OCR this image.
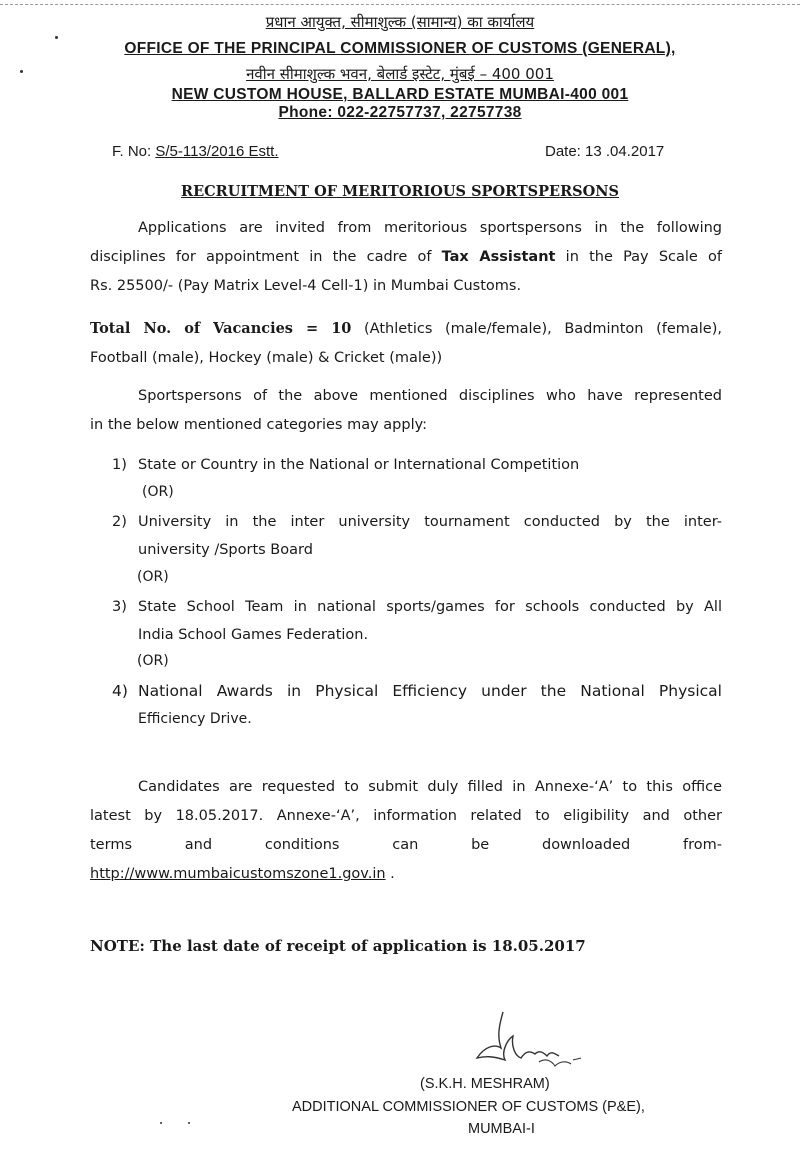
प्रधान आयुक्त, सीमाशुल्क (सामान्य) का कार्यालय
OFFICE OF THE PRINCIPAL COMMISSIONER OF CUSTOMS (GENERAL),
नवीन सीमाशुल्क भवन, बेलार्ड इस्टेट, मुंबई – 400 001
NEW CUSTOM HOUSE, BALLARD ESTATE MUMBAI-400 001
Phone: 022-22757737, 22757738
F. No: S/5-113/2016 Estt.	Date: 13 .04.2017
RECRUITMENT OF MERITORIOUS SPORTSPERSONS
Applications are invited from meritorious sportspersons in the following
disciplines for appointment in the cadre of Tax Assistant in the Pay Scale of
Rs. 25500/- (Pay Matrix Level-4 Cell-1) in Mumbai Customs.
Total No. of Vacancies = 10 (Athletics (male/female), Badminton (female),
Football (male), Hockey (male) & Cricket (male))
Sportspersons of the above mentioned disciplines who have represented
in the below mentioned categories may apply:
1) State or Country in the National or International Competition
(OR)
2) University in the inter university tournament conducted by the inter-
university /Sports Board
(OR)
3) State School Team in national sports/games for schools conducted by All
India School Games Federation.
(OR)
4) National Awards in Physical Efficiency under the National Physical
Efficiency Drive.
Candidates are requested to submit duly filled in Annexe-‘A’ to this office
latest by 18.05.2017. Annexe-‘A’, information related to eligibility and other
terms and conditions can be downloaded from-
http://www.mumbaicustomszone1.gov.in .
NOTE: The last date of receipt of application is 18.05.2017
(S.K.H. MESHRAM)
ADDITIONAL COMMISSIONER OF CUSTOMS (P&E),
MUMBAI-I
